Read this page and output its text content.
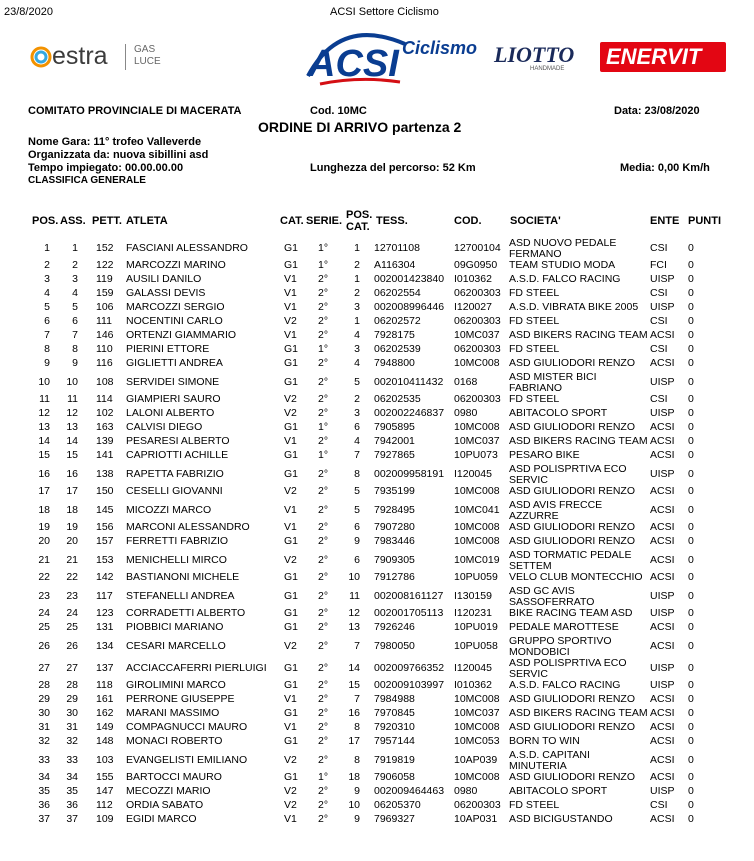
23/8/2020	ACSI Settore Ciclismo
estra	GAS
LUCE	ACSI Ciclismo LIOTTO
HANDMADE ENERVIT
COMITATO PROVINCIALE DI MACERATA	Cod. 10MC	Data: 23/08/2020
ORDINE DI ARRIVO partenza 2
Nome Gara: 11° trofeo Valleverde
Organizzata da: nuova sibillini asd
Tempo impiegato: 00.00.00.00	Lunghezza del percorso: 52 Km	Media: 0,00 Km/h
CLASSIFICA GENERALE
POS. ASS. PETT. ATLETA	CAT. SERIE. POS.
CAT. TESS.	COD.	SOCIETA'	ENTE PUNTI
1	1 152 FASCIANI ALESSANDRO	G1 1°	1 12701108	12700104 ASD NUOVO PEDALE
FERMANO	CSI 0
2	2 122 MARCOZZI MARINO	G1 1°	2 A116304	09G0950 TEAM STUDIO MODA	FCI 0
3	3 119 AUSILI DANILO	V1 2°	1 002001423840 I010362 A.S.D. FALCO RACING	UISP 0
4	4 159 GALASSI DEVIS	V1 2°	2 06202554	06200303 FD STEEL	CSI 0
5	5 106 MARCOZZI SERGIO	V1 2°	3 002008996446 I120027 A.S.D. VIBRATA BIKE 2005 UISP 0
6	6 111 NOCENTINI CARLO	V2 2°	1 06202572	06200303 FD STEEL	CSI 0
7	7 146 ORTENZI GIAMMARIO	V1 2°	4 7928175	10MC037 ASD BIKERS RACING TEAM ACSI 0
8	8 110 PIERINI ETTORE	G1 1°	3 06202539	06200303 FD STEEL	CSI 0
9	9 116 GIGLIETTI ANDREA	G1 2°	4 7948800	10MC008 ASD GIULIODORI RENZO ACSI 0
10	10 108 SERVIDEI SIMONE	G1 2°	5 002010411432 0168	ASD MISTER BICI
FABRIANO	UISP 0
11	11 114 GIAMPIERI SAURO	V2 2°	2 06202535	06200303 FD STEEL	CSI 0
12	12 102 LALONI ALBERTO	V2 2°	3 002002246837 0980	ABITACOLO SPORT	UISP 0
13	13 163 CALVISI DIEGO	G1 1°	6 7905895	10MC008 ASD GIULIODORI RENZO ACSI 0
14	14 139 PESARESI ALBERTO	V1 2°	4 7942001	10MC037 ASD BIKERS RACING TEAM ACSI 0
15	15 141 CAPRIOTTI ACHILLE	G1 1°	7 7927865	10PU073 PESARO BIKE	ACSI 0
16	16 138 RAPETTA FABRIZIO	G1 2°	8 002009958191 I120045 ASD POLISPRTIVA ECO
SERVIC	UISP 0
17	17 150 CESELLI GIOVANNI	V2 2°	5 7935199	10MC008 ASD GIULIODORI RENZO ACSI 0
18	18 145 MICOZZI MARCO	V1 2°	5 7928495	10MC041 ASD AVIS FRECCE
AZZURRE	ACSI 0
19	19 156 MARCONI ALESSANDRO	V1 2°	6 7907280	10MC008 ASD GIULIODORI RENZO ACSI 0
20	20 157 FERRETTI FABRIZIO	G1 2°	9 7983446	10MC008 ASD GIULIODORI RENZO ACSI 0
21	21 153 MENICHELLI MIRCO	V2 2°	6 7909305	10MC019 ASD TORMATIC PEDALE
SETTEM	ACSI 0
22	22 142 BASTIANONI MICHELE	G1 2° 10 7912786	10PU059 VELO CLUB MONTECCHIO ACSI 0
23	23 117 STEFANELLI ANDREA	G1 2° 11 002008161127 I130159 ASD GC AVIS
SASSOFERRATO	UISP 0
24	24 123 CORRADETTI ALBERTO	G1 2° 12 002001705113 I120231 BIKE RACING TEAM ASD UISP 0
25	25 131 PIOBBICI MARIANO	G1 2° 13 7926246	10PU019 PEDALE MAROTTESE	ACSI 0
26	26 134 CESARI MARCELLO	V2 2°	7 7980050	10PU058 GRUPPO SPORTIVO
MONDOBICI	ACSI 0
27	27 137 ACCIACCAFERRI PIERLUIGI G1 2° 14 002009766352 I120045 ASD POLISPRTIVA ECO
SERVIC	UISP 0
28	28 118 GIROLIMINI MARCO	G1 2° 15 002009103997 I010362 A.S.D. FALCO RACING	UISP 0
29	29 161 PERRONE GIUSEPPE	V1 2°	7 7984988	10MC008 ASD GIULIODORI RENZO ACSI 0
30	30 162 MARANI MASSIMO	G1 2° 16 7970845	10MC037 ASD BIKERS RACING TEAM ACSI 0
31	31 149 COMPAGNUCCI MAURO	V1 2°	8 7920310	10MC008 ASD GIULIODORI RENZO ACSI 0
32	32 148 MONACI ROBERTO	G1 2° 17 7957144	10MC053 BORN TO WIN	ACSI 0
33	33 103 EVANGELISTI EMILIANO	V2 2°	8 7919819	10AP039 A.S.D. CAPITANI
MINUTERIA	ACSI 0
34	34 155 BARTOCCI MAURO	G1 1° 18 7906058	10MC008 ASD GIULIODORI RENZO ACSI 0
35	35 147 MECOZZI MARIO	V2 2°	9 002009464463 0980	ABITACOLO SPORT	UISP 0
36	36 112 ORDIA SABATO	V2 2° 10 06205370	06200303 FD STEEL	CSI 0
37	37 109 EGIDI MARCO	V1 2°	9 7969327	10AP031 ASD BICIGUSTANDO	ACSI 0
